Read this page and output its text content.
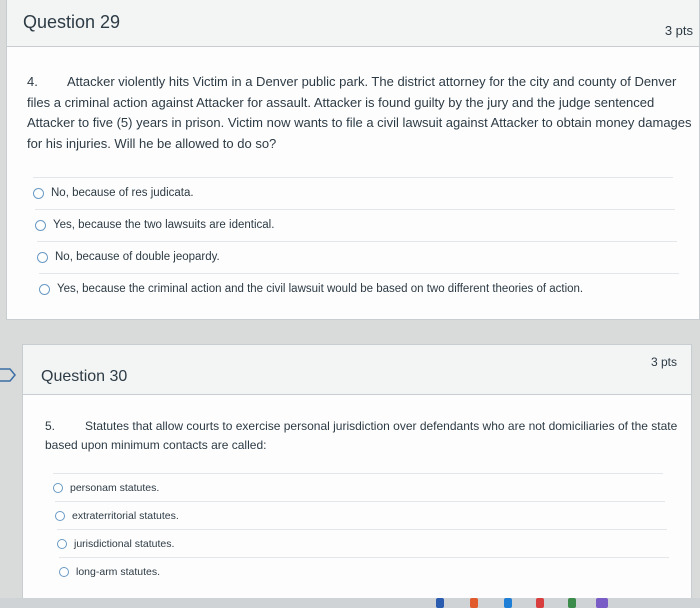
Question 29	3 pts
4. Attacker violently hits Victim in a Denver public park. The district attorney for the city and county of Denver files a criminal action against Attacker for assault. Attacker is found guilty by the jury and the judge sentenced Attacker to five (5) years in prison. Victim now wants to file a civil lawsuit against Attacker to obtain money damages for his injuries. Will he be allowed to do so?
No, because of res judicata.
Yes, because the two lawsuits are identical.
No, because of double jeopardy.
Yes, because the criminal action and the civil lawsuit would be based on two different theories of action.
Question 30
3 pts
5. Statutes that allow courts to exercise personal jurisdiction over defendants who are not domiciliaries of the state based upon minimum contacts are called:
personam statutes.
extraterritorial statutes.
jurisdictional statutes.
long-arm statutes.
